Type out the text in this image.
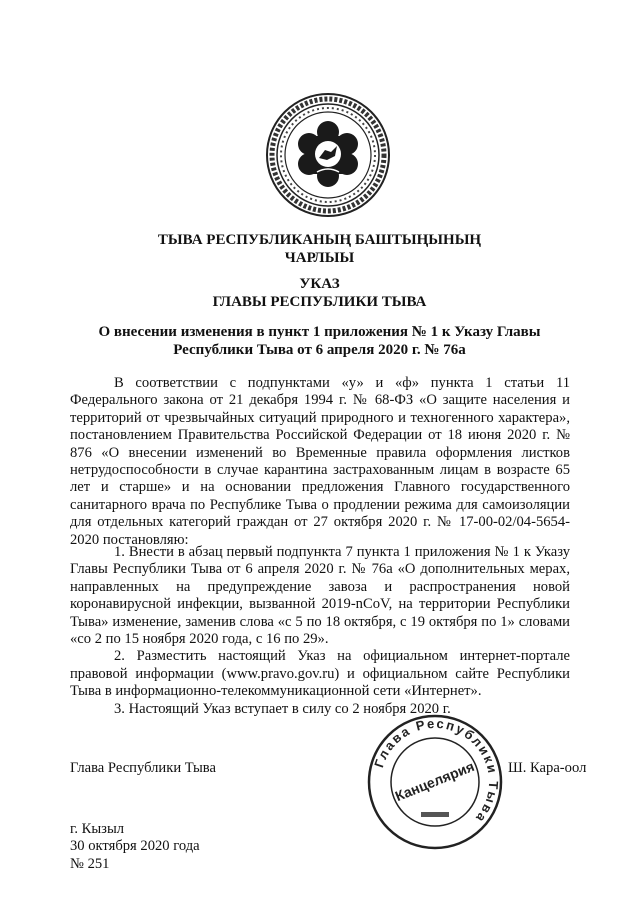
ТЫВА РЕСПУБЛИКАНЫҢ БАШТЫҢЫНЫҢ
ЧАРЛЫЫ
УКАЗ
ГЛАВЫ РЕСПУБЛИКИ ТЫВА
О внесении изменения в пункт 1 приложения № 1 к Указу Главы
Республики Тыва от 6 апреля 2020 г. № 76а

В соответствии с подпунктами «у» и «ф» пункта 1 статьи 11 Федерального закона от 21 декабря 1994 г. № 68-ФЗ «О защите населения и территорий от чрезвычайных ситуаций природного и техногенного характера», постановлением Правительства Российской Федерации от 18 июня 2020 г. № 876 «О внесении изменений во Временные правила оформления листков нетрудоспособности в случае карантина застрахованным лицам в возрасте 65 лет и старше» и на основании предложения Главного государственного санитарного врача по Республике Тыва о продлении режима для самоизоляции для отдельных категорий граждан от 27 октября 2020 г. № 17-00-02/04-5654-2020 постановляю:

1. Внести в абзац первый подпункта 7 пункта 1 приложения № 1 к Указу Главы Республики Тыва от 6 апреля 2020 г. № 76а «О дополнительных мерах, направленных на предупреждение завоза и распространения новой коронавирусной инфекции, вызванной 2019-nCoV, на территории Республики Тыва» изменение, заменив слова «с 5 по 18 октября, с 19 октября по 1» словами «со 2 по 15 ноября 2020 года, с 16 по 29».

2. Разместить настоящий Указ на официальном интернет-портале правовой информации (www.pravo.gov.ru) и официальном сайте Республики Тыва в информационно-телекоммуникационной сети «Интернет».

3. Настоящий Указ вступает в силу со 2 ноября 2020 г.

Глава Республики Тыва	Глава Республики Тыва
Канцелярия Ш. Кара-оол
г. Кызыл
30 октября 2020 года
№ 251
